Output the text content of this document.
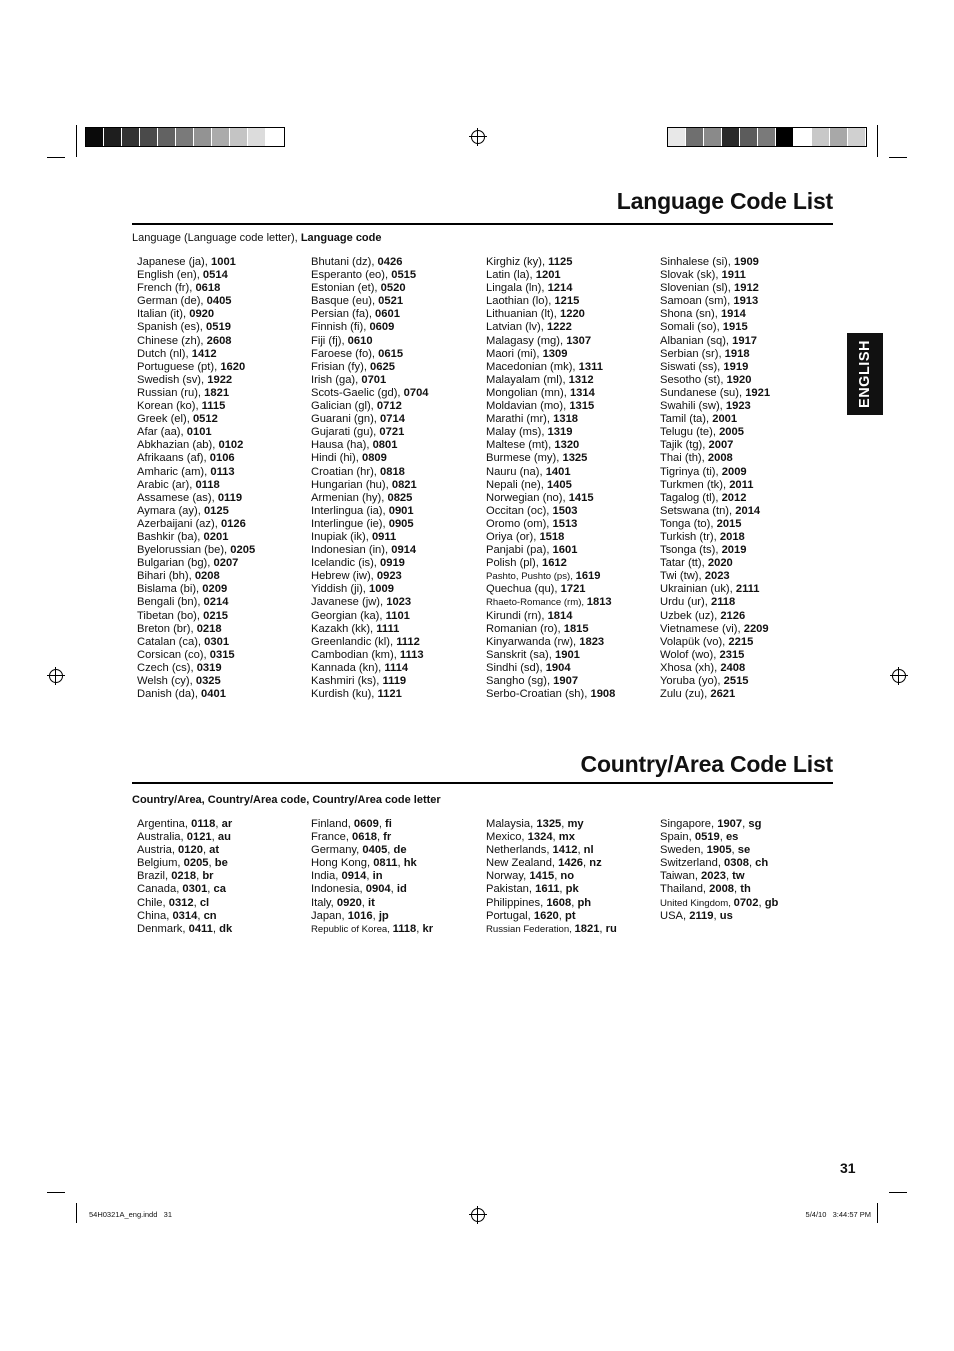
Language Code List
Language (Language code letter), Language code
Japanese (ja), 1001
English (en), 0514
French (fr), 0618
German (de), 0405
Italian (it), 0920
Spanish (es), 0519
Chinese (zh), 2608
Dutch (nl), 1412
Portuguese (pt), 1620
Swedish (sv), 1922
Russian (ru), 1821
Korean (ko), 1115
Greek (el), 0512
Afar (aa), 0101
Abkhazian (ab), 0102
Afrikaans (af), 0106
Amharic (am), 0113
Arabic (ar), 0118
Assamese (as), 0119
Aymara (ay), 0125
Azerbaijani (az), 0126
Bashkir (ba), 0201
Byelorussian (be), 0205
Bulgarian (bg), 0207
Bihari (bh), 0208
Bislama (bi), 0209
Bengali (bn), 0214
Tibetan (bo), 0215
Breton (br), 0218
Catalan (ca), 0301
Corsican (co), 0315
Czech (cs), 0319
Welsh (cy), 0325
Danish (da), 0401
Bhutani (dz), 0426
Esperanto (eo), 0515
Estonian (et), 0520
Basque (eu), 0521
Persian (fa), 0601
Finnish (fi), 0609
Fiji (fj), 0610
Faroese (fo), 0615
Frisian (fy), 0625
Irish (ga), 0701
Scots-Gaelic (gd), 0704
Galician (gl), 0712
Guarani (gn), 0714
Gujarati (gu), 0721
Hausa (ha), 0801
Hindi (hi), 0809
Croatian (hr), 0818
Hungarian (hu), 0821
Armenian (hy), 0825
Interlingua (ia), 0901
Interlingue (ie), 0905
Inupiak (ik), 0911
Indonesian (in), 0914
Icelandic (is), 0919
Hebrew (iw), 0923
Yiddish (ji), 1009
Javanese (jw), 1023
Georgian (ka), 1101
Kazakh (kk), 1111
Greenlandic (kl), 1112
Cambodian (km), 1113
Kannada (kn), 1114
Kashmiri (ks), 1119
Kurdish (ku), 1121
Kirghiz (ky), 1125
Latin (la), 1201
Lingala (ln), 1214
Laothian (lo), 1215
Lithuanian (lt), 1220
Latvian (lv), 1222
Malagasy (mg), 1307
Maori (mi), 1309
Macedonian (mk), 1311
Malayalam (ml), 1312
Mongolian (mn), 1314
Moldavian (mo), 1315
Marathi (mr), 1318
Malay (ms), 1319
Maltese (mt), 1320
Burmese (my), 1325
Nauru (na), 1401
Nepali (ne), 1405
Norwegian (no), 1415
Occitan (oc), 1503
Oromo (om), 1513
Oriya (or), 1518
Panjabi (pa), 1601
Polish (pl), 1612
Pashto, Pushto (ps), 1619
Quechua (qu), 1721
Rhaeto-Romance (rm), 1813
Kirundi (rn), 1814
Romanian (ro), 1815
Kinyarwanda (rw), 1823
Sanskrit (sa), 1901
Sindhi (sd), 1904
Sangho (sg), 1907
Serbo-Croatian (sh), 1908
Sinhalese (si), 1909
Slovak (sk), 1911
Slovenian (sl), 1912
Samoan (sm), 1913
Shona (sn), 1914
Somali (so), 1915
Albanian (sq), 1917
Serbian (sr), 1918
Siswati (ss), 1919
Sesotho (st), 1920
Sundanese (su), 1921
Swahili (sw), 1923
Tamil (ta), 2001
Telugu (te), 2005
Tajik (tg), 2007
Thai (th), 2008
Tigrinya (ti), 2009
Turkmen (tk), 2011
Tagalog (tl), 2012
Setswana (tn), 2014
Tonga (to), 2015
Turkish (tr), 2018
Tsonga (ts), 2019
Tatar (tt), 2020
Twi (tw), 2023
Ukrainian (uk), 2111
Urdu (ur), 2118
Uzbek (uz), 2126
Vietnamese (vi), 2209
Volapük (vo), 2215
Wolof (wo), 2315
Xhosa (xh), 2408
Yoruba (yo), 2515
Zulu (zu), 2621
ENGLISH
Country/Area Code List
Country/Area, Country/Area code, Country/Area code letter
Argentina, 0118, ar
Australia, 0121, au
Austria, 0120, at
Belgium, 0205, be
Brazil, 0218, br
Canada, 0301, ca
Chile, 0312, cl
China, 0314, cn
Denmark, 0411, dk
Finland, 0609, fi
France, 0618, fr
Germany, 0405, de
Hong Kong, 0811, hk
India, 0914, in
Indonesia, 0904, id
Italy, 0920, it
Japan, 1016, jp
Republic of Korea, 1118, kr
Malaysia, 1325, my
Mexico, 1324, mx
Netherlands, 1412, nl
New Zealand, 1426, nz
Norway, 1415, no
Pakistan, 1611, pk
Philippines, 1608, ph
Portugal, 1620, pt
Russian Federation, 1821, ru
Singapore, 1907, sg
Spain, 0519, es
Sweden, 1905, se
Switzerland, 0308, ch
Taiwan, 2023, tw
Thailand, 2008, th
United Kingdom, 0702, gb
USA, 2119, us
31
54H0321A_eng.indd   31	5/4/10   3:44:57 PM
